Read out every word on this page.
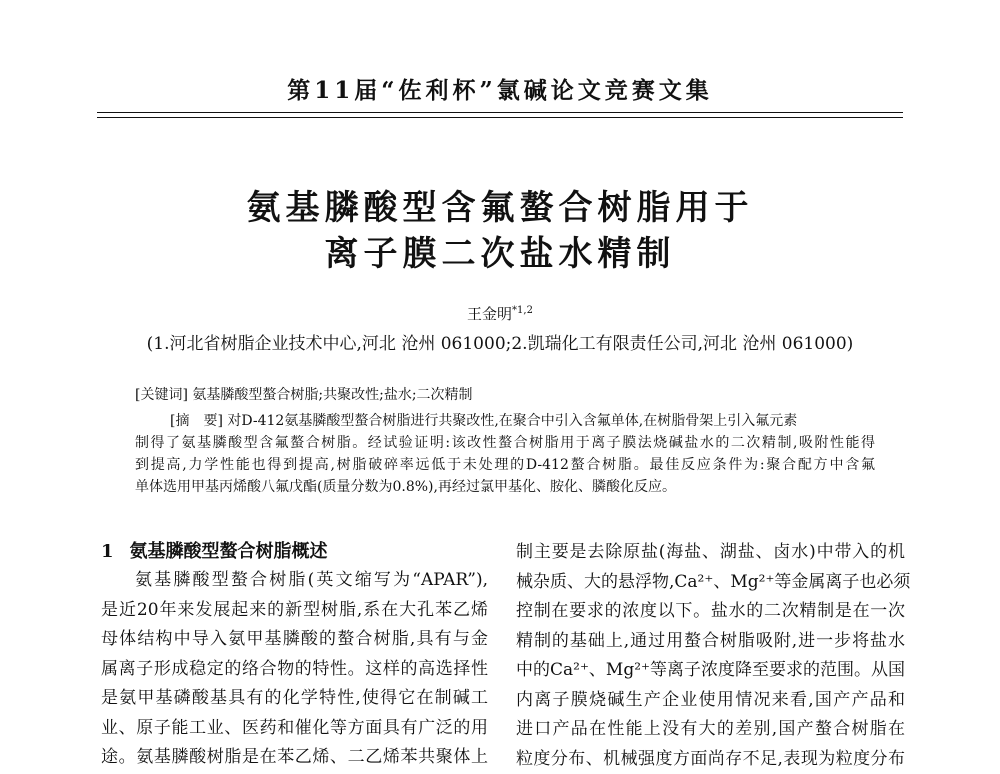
第11届“佐利杯”氯碱论文竞赛文集
氨基膦酸型含氟螯合树脂用于
离子膜二次盐水精制
王金明$^{*1,2}$
(1.河北省树脂企业技术中心,河北 沧州 061000;2.凯瑞化工有限责任公司,河北 沧州 061000)
[关键词] 氨基膦酸型螯合树脂;共聚改性;盐水;二次精制
[摘　要] 对D-412氨基膦酸型螯合树脂进行共聚改性,在聚合中引入含氟单体,在树脂骨架上引入氟元素
制得了氨基膦酸型含氟螯合树脂。经试验证明:该改性螯合树脂用于离子膜法烧碱盐水的二次精制,吸附性能得
到提高,力学性能也得到提高,树脂破碎率远低于未处理的D-412螯合树脂。最佳反应条件为:聚合配方中含氟
单体选用甲基丙烯酸八氟戊酯(质量分数为0.8%),再经过氯甲基化、胺化、膦酸化反应。
1 氨基膦酸型螯合树脂概述
氨基膦酸型螯合树脂(英文缩写为“APAR”),
是近20年来发展起来的新型树脂,系在大孔苯乙烯
母体结构中导入氨甲基膦酸的螯合树脂,具有与金
属离子形成稳定的络合物的特性。这样的高选择性
是氨甲基磷酸基具有的化学特性,使得它在制碱工
业、原子能工业、医药和催化等方面具有广泛的用
途。氨基膦酸树脂是在苯乙烯、二乙烯苯共聚体上
制主要是去除原盐(海盐、湖盐、卤水)中带入的机
械杂质、大的悬浮物,Ca²⁺、Mg²⁺等金属离子也必须
控制在要求的浓度以下。盐水的二次精制是在一次
精制的基础上,通过用螯合树脂吸附,进一步将盐水
中的Ca²⁺、Mg²⁺等离子浓度降至要求的范围。从国
内离子膜烧碱生产企业使用情况来看,国产产品和
进口产品在性能上没有大的差别,国产螯合树脂在
粒度分布、机械强度方面尚存不足,表现为粒度分布
